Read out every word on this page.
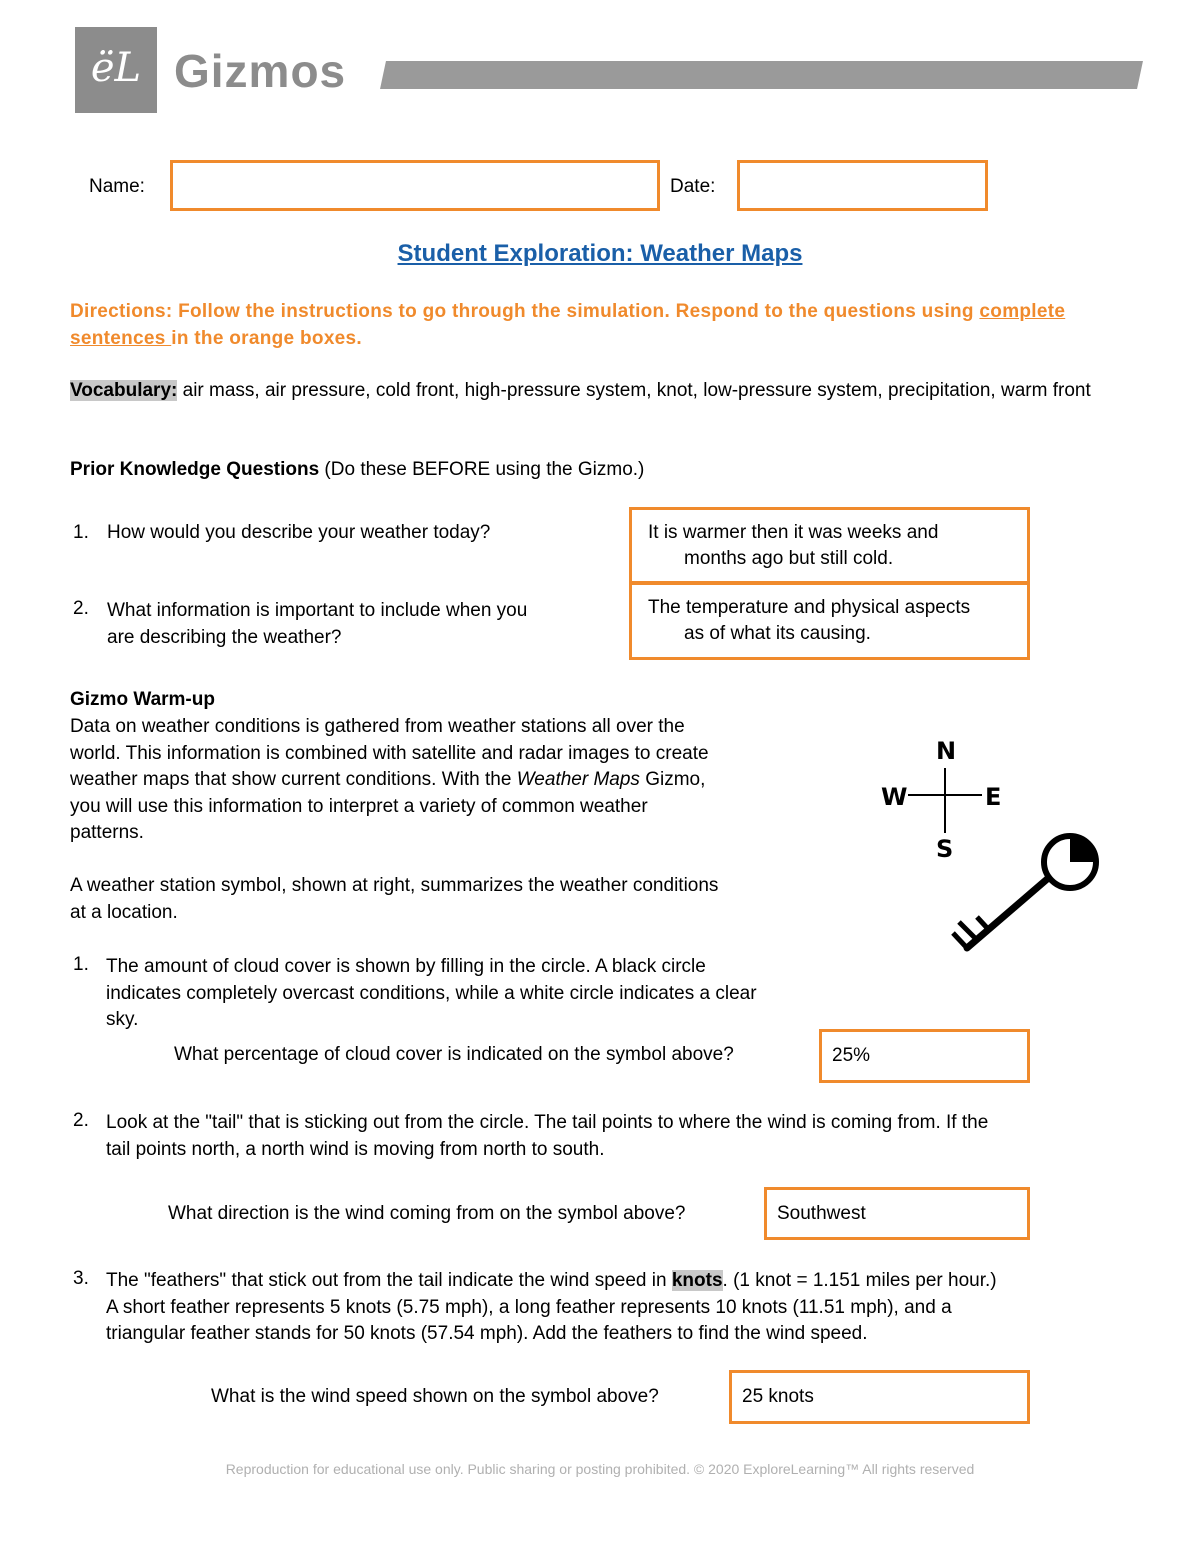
ëL Gizmos
Name:	Date:
Student Exploration: Weather Maps
Directions: Follow the instructions to go through the simulation. Respond to the questions using complete sentences in the orange boxes.
Vocabulary: air mass, air pressure, cold front, high-pressure system, knot, low-pressure system, precipitation, warm front
Prior Knowledge Questions (Do these BEFORE using the Gizmo.)
1. How would you describe your weather today?	It is warmer then it was weeks and
months ago but still cold.
2. What information is important to include when you
are describing the weather?
The temperature and physical aspects
as of what its causing.
Gizmo Warm-up
Data on weather conditions is gathered from weather stations all over the
world. This information is combined with satellite and radar images to create
weather maps that show current conditions. With the Weather Maps Gizmo,
you will use this information to interpret a variety of common weather
patterns.
A weather station symbol, shown at right, summarizes the weather conditions
at a location.
N
S
W	E
1. The amount of cloud cover is shown by filling in the circle. A black circle
indicates completely overcast conditions, while a white circle indicates a clear
sky.
What percentage of cloud cover is indicated on the symbol above?	25%
2. Look at the "tail" that is sticking out from the circle. The tail points to where the wind is coming from. If the
tail points north, a north wind is moving from north to south.
What direction is the wind coming from on the symbol above?	Southwest
3. The "feathers" that stick out from the tail indicate the wind speed in knots. (1 knot = 1.151 miles per hour.)
A short feather represents 5 knots (5.75 mph), a long feather represents 10 knots (11.51 mph), and a
triangular feather stands for 50 knots (57.54 mph). Add the feathers to find the wind speed.
What is the wind speed shown on the symbol above?	25 knots
Reproduction for educational use only. Public sharing or posting prohibited. © 2020 ExploreLearning™ All rights reserved
